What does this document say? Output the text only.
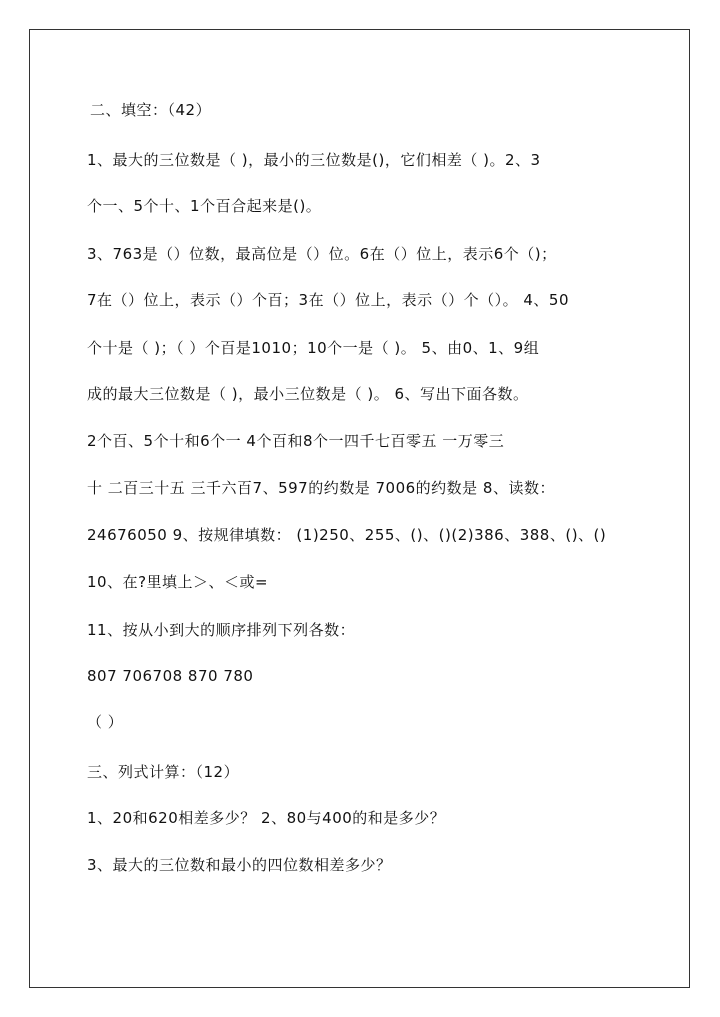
二、填空：（42）

1、最大的三位数是（ )，最小的三位数是()，它们相差（ )。2、3

个一、5个十、1个百合起来是()。

3、763是（）位数，最高位是（）位。6在（）位上，表示6个（)；

7在（）位上，表示（）个百；3在（）位上，表示（）个（）。 4、50

个十是（ )；（ ）个百是1010；10个一是（ )。 5、由0、1、9组

成的最大三位数是（ )，最小三位数是（ )。 6、写出下面各数。

2个百、5个十和6个一 4个百和8个一四千七百零五 一万零三

十 二百三十五 三千六百7、597的约数是 7006的约数是 8、读数：

24676050 9、按规律填数： (1)250、255、()、()(2)386、388、()、()

10、在?里填上＞、＜或=

11、按从小到大的顺序排列下列各数：

807 706708 870 780

（ ）

三、列式计算：（12）

1、20和620相差多少？ 2、80与400的和是多少？

3、最大的三位数和最小的四位数相差多少？
